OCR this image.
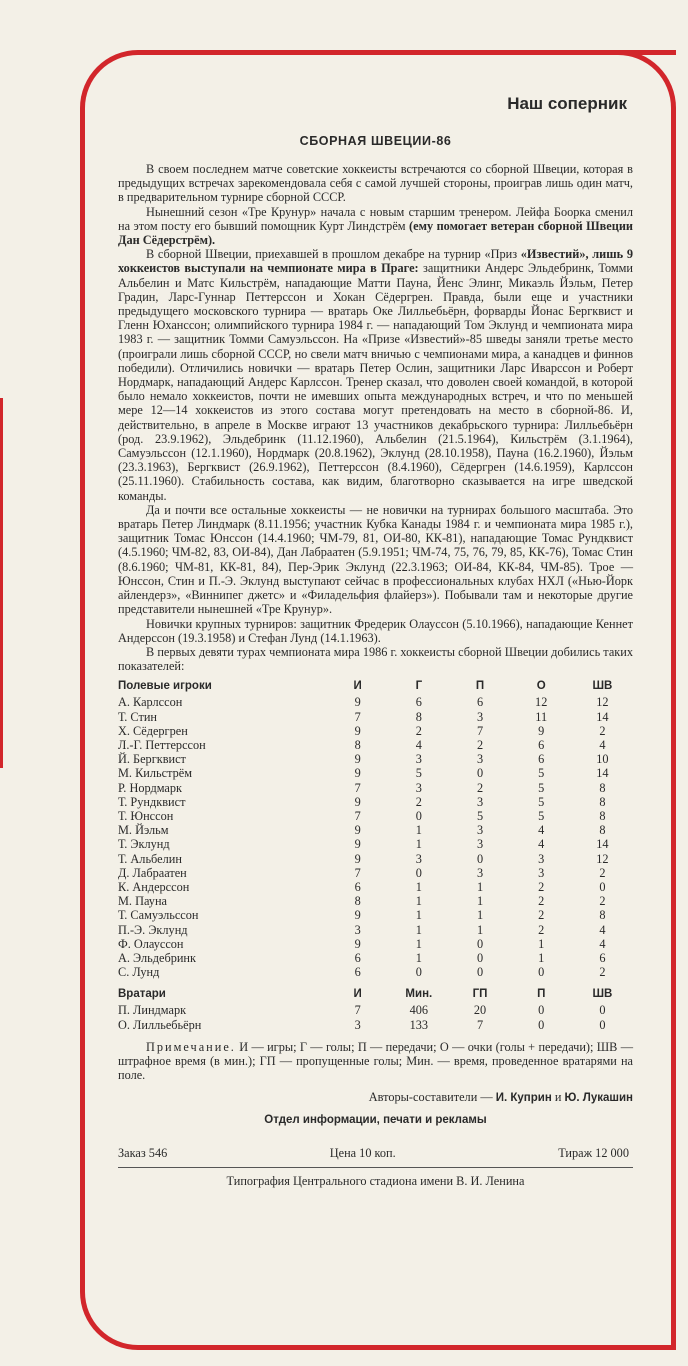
Наш соперник
СБОРНАЯ ШВЕЦИИ-86

В своем последнем матче советские хоккеисты встречаются со сборной Швеции, которая в предыдущих встречах зарекомендовала себя с самой лучшей стороны, проиграв лишь один матч, в предварительном турнире сборной СССР.

Нынешний сезон «Тре Крунур» начала с новым старшим тренером. Лейфа Боорка сменил на этом посту его бывший помощник Курт Линдстрём (ему помогает ветеран сборной Швеции Дан Сёдерстрём).

В сборной Швеции, приехавшей в прошлом декабре на турнир «Приз «Известий», лишь 9 хоккеистов выступали на чемпионате мира в Праге: защитники Андерс Эльдебринк, Томми Альбелин и Матс Кильстрём, нападающие Матти Пауна, Йенс Элинг, Микаэль Йэльм, Петер Градин, Ларс-Гуннар Петтерссон и Хокан Сёдергрен. Правда, были еще и участники предыдущего московского турнира — вратарь Оке Лилльебьёрн, форварды Йонас Бергквист и Гленн Юханссон; олимпийского турнира 1984 г. — нападающий Том Эклунд и чемпионата мира 1983 г. — защитник Томми Самуэльссон. На «Призе «Известий»-85 шведы заняли третье место (проиграли лишь сборной СССР, но свели матч вничью с чемпионами мира, а канадцев и финнов победили). Отличились новички — вратарь Петер Ослин, защитники Ларс Иварссон и Роберт Нордмарк, нападающий Андерс Карлссон. Тренер сказал, что доволен своей командой, в которой было немало хоккеистов, почти не имевших опыта международных встреч, и что по меньшей мере 12—14 хоккеистов из этого состава могут претендовать на место в сборной-86. И, действительно, в апреле в Москве играют 13 участников декабрьского турнира: Лилльебьёрн (род. 23.9.1962), Эльдебринк (11.12.1960), Альбелин (21.5.1964), Кильстрём (3.1.1964), Самуэльссон (12.1.1960), Нордмарк (20.8.1962), Эклунд (28.10.1958), Пауна (16.2.1960), Йэльм (23.3.1963), Бергквист (26.9.1962), Петтерссон (8.4.1960), Сёдергрен (14.6.1959), Карлссон (25.11.1960). Стабильность состава, как видим, благотворно сказывается на игре шведской команды.

Да и почти все остальные хоккеисты — не новички на турнирах большого масштаба. Это вратарь Петер Линдмарк (8.11.1956; участник Кубка Канады 1984 г. и чемпионата мира 1985 г.), защитник Томас Юнссон (14.4.1960; ЧМ-79, 81, ОИ-80, КК-81), нападающие Томас Рундквист (4.5.1960; ЧМ-82, 83, ОИ-84), Дан Лабраатен (5.9.1951; ЧМ-74, 75, 76, 79, 85, КК-76), Томас Стин (8.6.1960; ЧМ-81, КК-81, 84), Пер-Эрик Эклунд (22.3.1963; ОИ-84, КК-84, ЧМ-85). Трое — Юнссон, Стин и П.-Э. Эклунд выступают сейчас в профессиональных клубах НХЛ («Нью-Йорк айлендерз», «Виннипег джетс» и «Филадельфия флайерз»). Побывали там и некоторые другие представители нынешней «Тре Крунур».

Новички крупных турниров: защитник Фредерик Олауссон (5.10.1966), нападающие Кеннет Андерссон (19.3.1958) и Стефан Лунд (14.1.1963).

В первых девяти турах чемпионата мира 1986 г. хоккеисты сборной Швеции добились таких показателей:

Полевые игроки	И	Г	П	О	ШВ
А. Карлссон	9	6	6	12	12
Т. Стин	7	8	3	11	14
Х. Сёдергрен	9	2	7	9	2
Л.-Г. Петтерссон	8	4	2	6	4
Й. Бергквист	9	3	3	6	10
М. Кильстрём	9	5	0	5	14
Р. Нордмарк	7	3	2	5	8
Т. Рундквист	9	2	3	5	8
Т. Юнссон	7	0	5	5	8
М. Йэльм	9	1	3	4	8
Т. Эклунд	9	1	3	4	14
Т. Альбелин	9	3	0	3	12
Д. Лабраатен	7	0	3	3	2
К. Андерссон	6	1	1	2	0
М. Пауна	8	1	1	2	2
Т. Самуэльссон	9	1	1	2	8
П.-Э. Эклунд	3	1	1	2	4
Ф. Олауссон	9	1	0	1	4
А. Эльдебринк	6	1	0	1	6
С. Лунд	6	0	0	0	2

Вратари	И	Мин.	ГП	П	ШВ
П. Линдмарк	7	406	20	0	0
О. Лилльебьёрн	3	133	7	0	0

Примечание. И — игры; Г — голы; П — передачи; О — очки (голы + передачи); ШВ — штрафное время (в мин.); ГП — пропущенные голы; Мин. — время, проведенное вратарями на поле.

Авторы-составители — И. Куприн и Ю. Лукашин
Отдел информации, печати и рекламы
Заказ 546	Цена 10 коп.	Тираж 12 000
Типография Центрального стадиона имени В. И. Ленина
